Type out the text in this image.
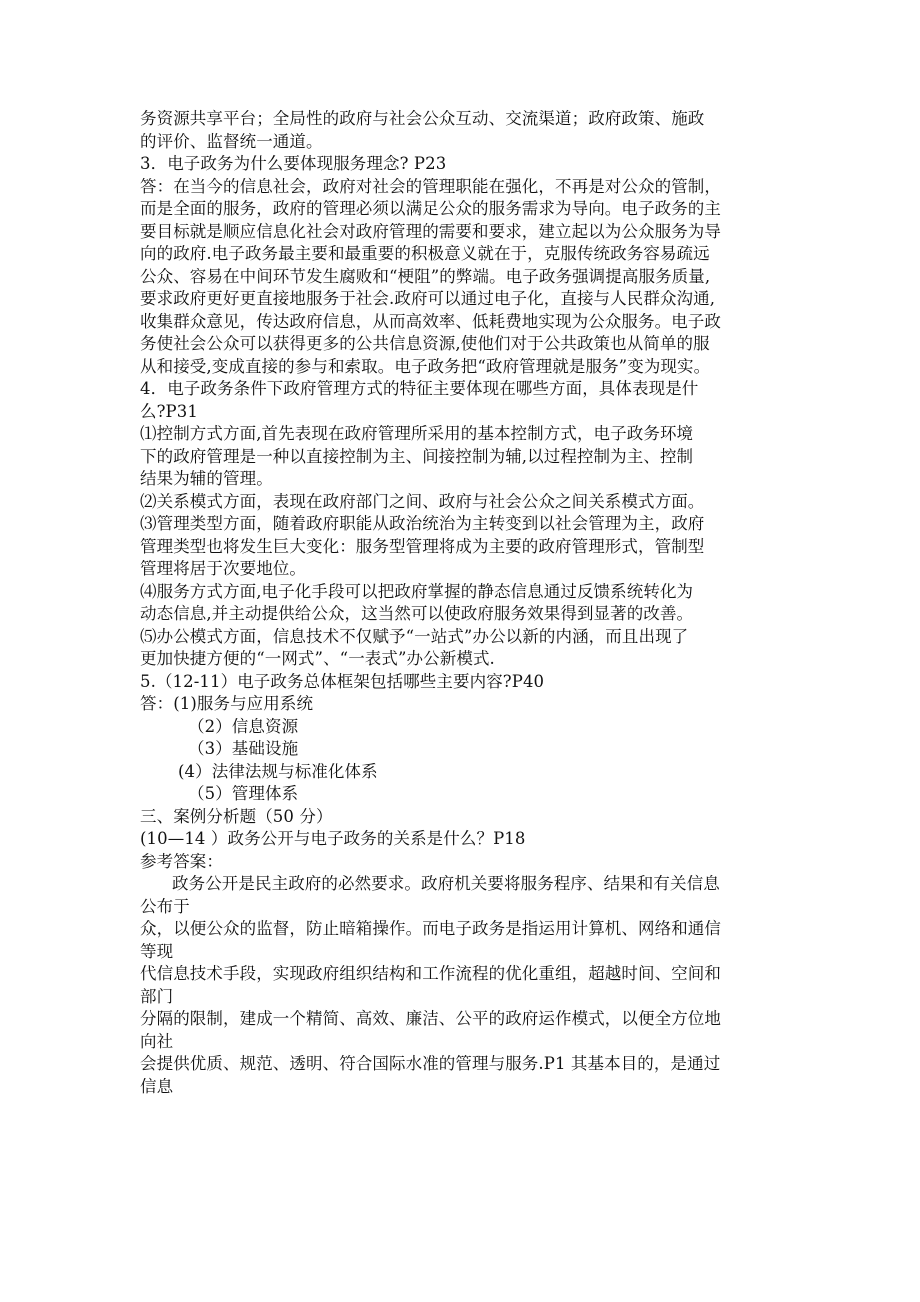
务资源共享平台；全局性的政府与社会公众互动、交流渠道；政府政策、施政
的评价、监督统一通道。
3．电子政务为什么要体现服务理念? P23
答：在当今的信息社会，政府对社会的管理职能在强化，不再是对公众的管制，
而是全面的服务，政府的管理必须以满足公众的服务需求为导向。电子政务的主
要目标就是顺应信息化社会对政府管理的需要和要求，建立起以为公众服务为导
向的政府.电子政务最主要和最重要的积极意义就在于，克服传统政务容易疏远
公众、容易在中间环节发生腐败和“梗阻”的弊端。电子政务强调提高服务质量,
要求政府更好更直接地服务于社会.政府可以通过电子化，直接与人民群众沟通,
收集群众意见，传达政府信息，从而高效率、低耗费地实现为公众服务。电子政
务使社会公众可以获得更多的公共信息资源,使他们对于公共政策也从简单的服
从和接受,变成直接的参与和索取。电子政务把“政府管理就是服务”变为现实。
4．电子政务条件下政府管理方式的特征主要体现在哪些方面，具体表现是什
么?P31
⑴控制方式方面,首先表现在政府管理所采用的基本控制方式，电子政务环境
下的政府管理是一种以直接控制为主、间接控制为辅,以过程控制为主、控制
结果为辅的管理。
⑵关系模式方面，表现在政府部门之间、政府与社会公众之间关系模式方面。
⑶管理类型方面，随着政府职能从政治统治为主转变到以社会管理为主，政府
管理类型也将发生巨大变化：服务型管理将成为主要的政府管理形式，管制型
管理将居于次要地位。
⑷服务方式方面,电子化手段可以把政府掌握的静态信息通过反馈系统转化为
动态信息,并主动提供给公众，这当然可以使政府服务效果得到显著的改善。
⑸办公模式方面，信息技术不仅赋予“一站式”办公以新的内涵，而且出现了
更加快捷方便的“一网式”、“一表式”办公新模式.
5.（12-11）电子政务总体框架包括哪些主要内容?P40
答：(1)服务与应用系统
（2）信息资源
（3）基础设施
(4）法律法规与标准化体系
（5）管理体系
三、案例分析题（50 分）
(10—14 ）政务公开与电子政务的关系是什么？P18
参考答案：
政务公开是民主政府的必然要求。政府机关要将服务程序、结果和有关信息
公布于
众，以便公众的监督，防止暗箱操作。而电子政务是指运用计算机、网络和通信
等现
代信息技术手段，实现政府组织结构和工作流程的优化重组，超越时间、空间和
部门
分隔的限制，建成一个精简、高效、廉洁、公平的政府运作模式，以便全方位地
向社
会提供优质、规范、透明、符合国际水准的管理与服务.P1 其基本目的，是通过
信息
